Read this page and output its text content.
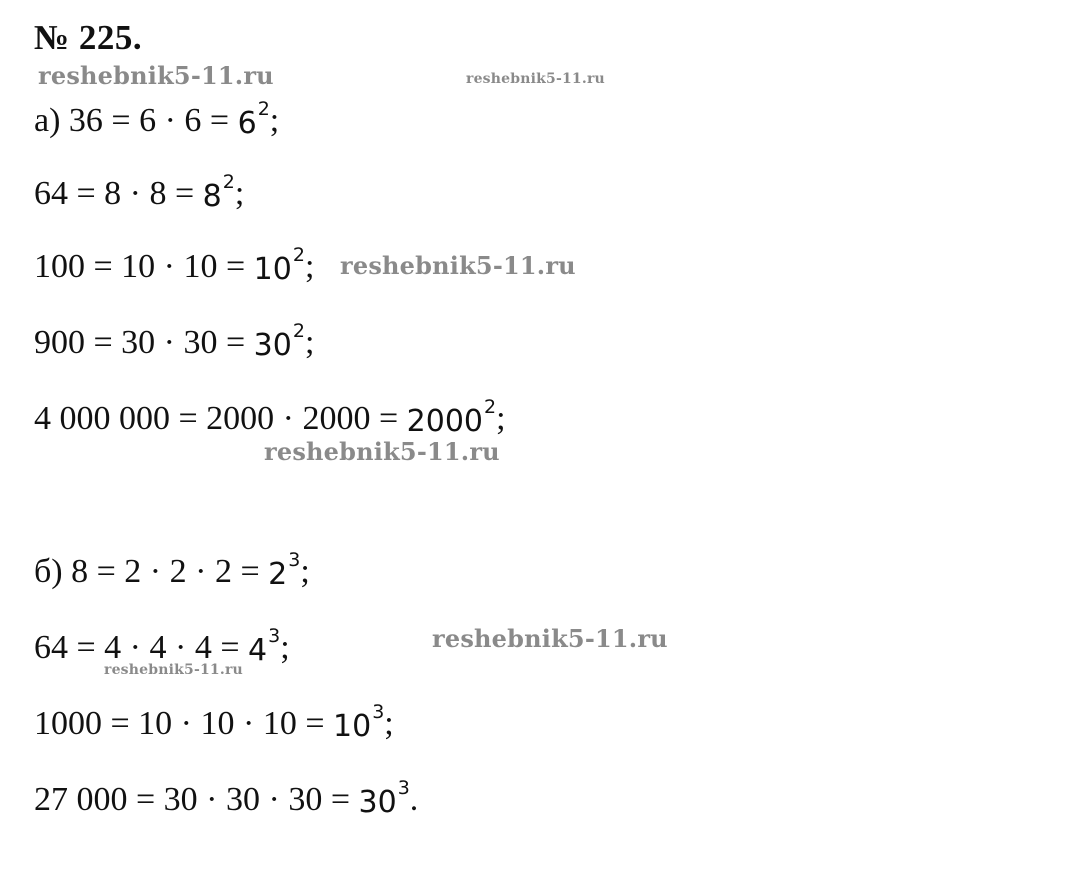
№ 225.
а) $36 = 6 \cdot 6 = 6^2$;
$64 = 8 \cdot 8 = 8^2$;
$100 = 10 \cdot 10 = 10^2$;
$900 = 30 \cdot 30 = 30^2$;
4 000 $000 = 2000 \cdot 2000 = 2000^2$;
б) $8 = 2 \cdot 2 \cdot 2 = 2^3$;
$64 = 4 \cdot 4 \cdot 4 = 4^3$;
$1000 = 10 \cdot 10 \cdot 10 = 10^3$;
27 $000 = 30 \cdot 30 \cdot 30 = 30^3$.
reshebnik5-11.ru	reshebnik5-11.ru
reshebnik5-11.ru
reshebnik5-11.ru
reshebnik5-11.ru
reshebnik5-11.ru
